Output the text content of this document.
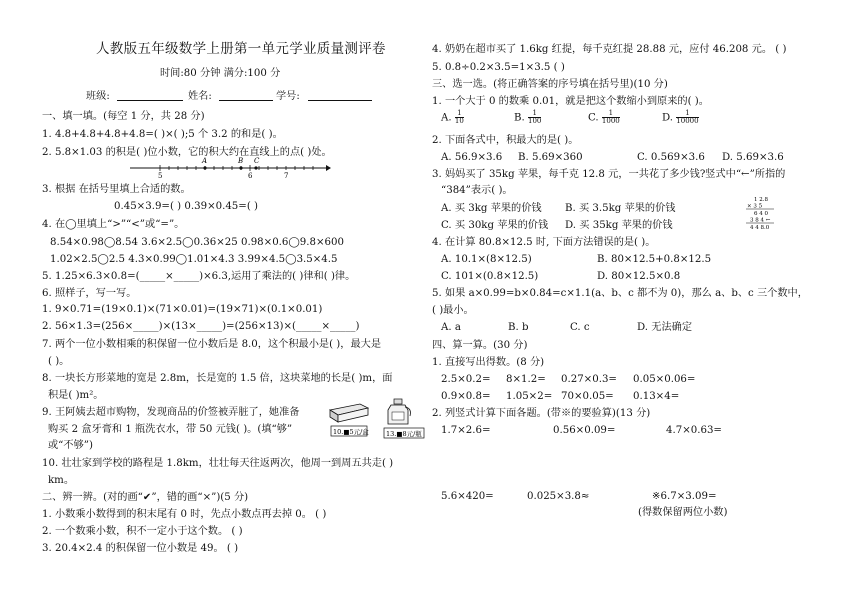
人教版五年级数学上册第一单元学业质量测评卷
时间:80 分钟 满分:100 分
班级:	姓名:	学号:
一、填一填。(每空 1 分，共 28 分)
1. 4.8+4.8+4.8+4.8=( )×( );5 个 3.2 的和是( )。
2. 5.8×1.03 的积是( )位小数，它的积大约在直线上的点( )处。
5
A	B C
6	7
3. 根据 在括号里填上合适的数。
0.45×3.9=( ) 0.39×0.45=( )
4. 在◯里填上“>”“<”或“=”。
8.54×0.98◯8.54 3.6×2.5◯0.36×25 0.98×0.6◯9.8×600
1.02×2.5◯2.5 4.3×0.99◯1.01×4.3 3.99×4.5◯3.5×4.5
5. 1.25×6.3×0.8=(_____×_____)×6.3,运用了乘法的( )律和( )律。
6. 照样子，写一写。
1. 9×0.71=(19×0.1)×(71×0.01)=(19×71)×(0.1×0.01)
2. 56×1.3=(256×_____)×(13×_____)=(256×13)×(_____×_____)
7. 两个一位小数相乘的积保留一位小数后是 8.0，这个积最小是( )，最大是
( )。
8. 一块长方形菜地的宽是 2.8m，长是宽的 1.5 倍，这块菜地的长是( )m，面
积是( )m²。
9. 王阿姨去超市购物，发现商品的价签被弄脏了，她准备
购买 2 盒牙膏和 1 瓶洗衣水，带 50 元钱( )。(填“够”
或“不够”)
10.■5元/盒	13.■8元/瓶
10. 壮壮家到学校的路程是 1.8km，壮壮每天往返两次，他周一到周五共走( )
km。
二、辨一辨。(对的画“✔”，错的画“×”)(5 分)
1. 小数乘小数得到的积末尾有 0 时，先点小数点再去掉 0。 ( )
2. 一个数乘小数，积不一定小于这个数。 ( )
3. 20.4×2.4 的积保留一位小数是 49。 ( )
4. 奶奶在超市买了 1.6kg 红提，每千克红提 28.88 元，应付 46.208 元。 ( )
5. 0.8÷0.2×3.5=1×3.5 ( )
三、选一选。(将正确答案的序号填在括号里)(10 分)
1. 一个大于 0 的数乘 0.01，就是把这个数缩小到原来的( )。
A. $\frac{1}{10}$	B. $\frac{1}{100}$	C. $\frac{1}{1000}$	D. $\frac{1}{10000}$
2. 下面各式中，积最大的是( )。
A. 56.9×3.6 B. 5.69×360	C. 0.569×3.6 D. 5.69×3.6
3. 妈妈买了 35kg 苹果，每千克 12.8 元，一共花了多少钱?竖式中“←”所指的
“384”表示( )。
A. 买 3kg 苹果的价钱 B. 买 3.5kg 苹果的价钱
C. 买 30kg 苹果的价钱 D. 买 35kg 苹果的价钱
1 2.8
× 3 5
6 4 0
3 8 4 ←
4 4 8.0
4. 在计算 80.8×12.5 时, 下面方法错误的是( )。
A. 10.1×(8×12.5)	B. 80×12.5+0.8×12.5
C. 101×(0.8×12.5)	D. 80×12.5×0.8
5. 如果 a×0.99=b×0.84=c×1.1(a、b、c 都不为 0)，那么 a、b、c 三个数中，
( )最小。
A. a	B. b	C. c	D. 无法确定
四、算一算。(30 分)
1. 直接写出得数。(8 分)
2.5×0.2= 8×1.2= 0.27×0.3= 0.05×0.06=
0.9×0.8= 1.05×2= 70×0.05= 0.13×4=
2. 列竖式计算下面各题。(带※的要验算)(13 分)
1.7×2.6=	0.56×0.09=	4.7×0.63=
5.6×420=	0.025×3.8≈	※6.7×3.09=
(得数保留两位小数)
